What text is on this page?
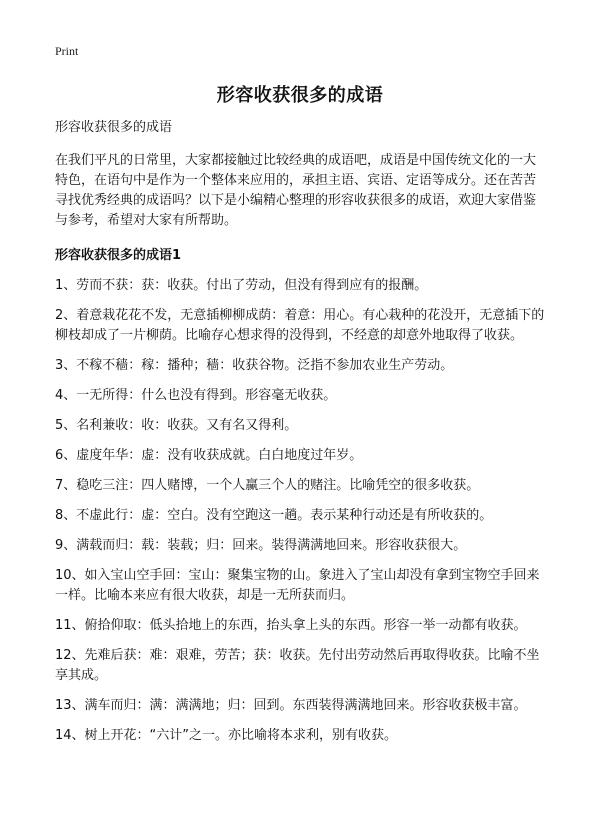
Print
形容收获很多的成语

形容收获很多的成语

在我们平凡的日常里，大家都接触过比较经典的成语吧，成语是中国传统文化的一大特色，在语句中是作为一个整体来应用的，承担主语、宾语、定语等成分。还在苦苦寻找优秀经典的成语吗？以下是小编精心整理的形容收获很多的成语，欢迎大家借鉴与参考，希望对大家有所帮助。

形容收获很多的成语1

1、劳而不获：获：收获。付出了劳动，但没有得到应有的报酬。

2、着意栽花花不发，无意插柳柳成荫：着意：用心。有心栽种的花没开，无意插下的柳枝却成了一片柳荫。比喻存心想求得的没得到，不经意的却意外地取得了收获。

3、不稼不穑：稼：播种；穑：收获谷物。泛指不参加农业生产劳动。

4、一无所得：什么也没有得到。形容毫无收获。

5、名利兼收：收：收获。又有名又得利。

6、虚度年华：虚：没有收获成就。白白地度过年岁。

7、稳吃三注：四人赌博，一个人赢三个人的赌注。比喻凭空的很多收获。

8、不虚此行：虚：空白。没有空跑这一趟。表示某种行动还是有所收获的。

9、满载而归：载：装载；归：回来。装得满满地回来。形容收获很大。

10、如入宝山空手回：宝山：聚集宝物的山。象进入了宝山却没有拿到宝物空手回来一样。比喻本来应有很大收获，却是一无所获而归。

11、俯拾仰取：低头拾地上的东西，抬头拿上头的东西。形容一举一动都有收获。

12、先难后获：难：艰难，劳苦；获：收获。先付出劳动然后再取得收获。比喻不坐享其成。

13、满车而归：满：满满地；归：回到。东西装得满满地回来。形容收获极丰富。

14、树上开花：“六计”之一。亦比喻将本求利，别有收获。
